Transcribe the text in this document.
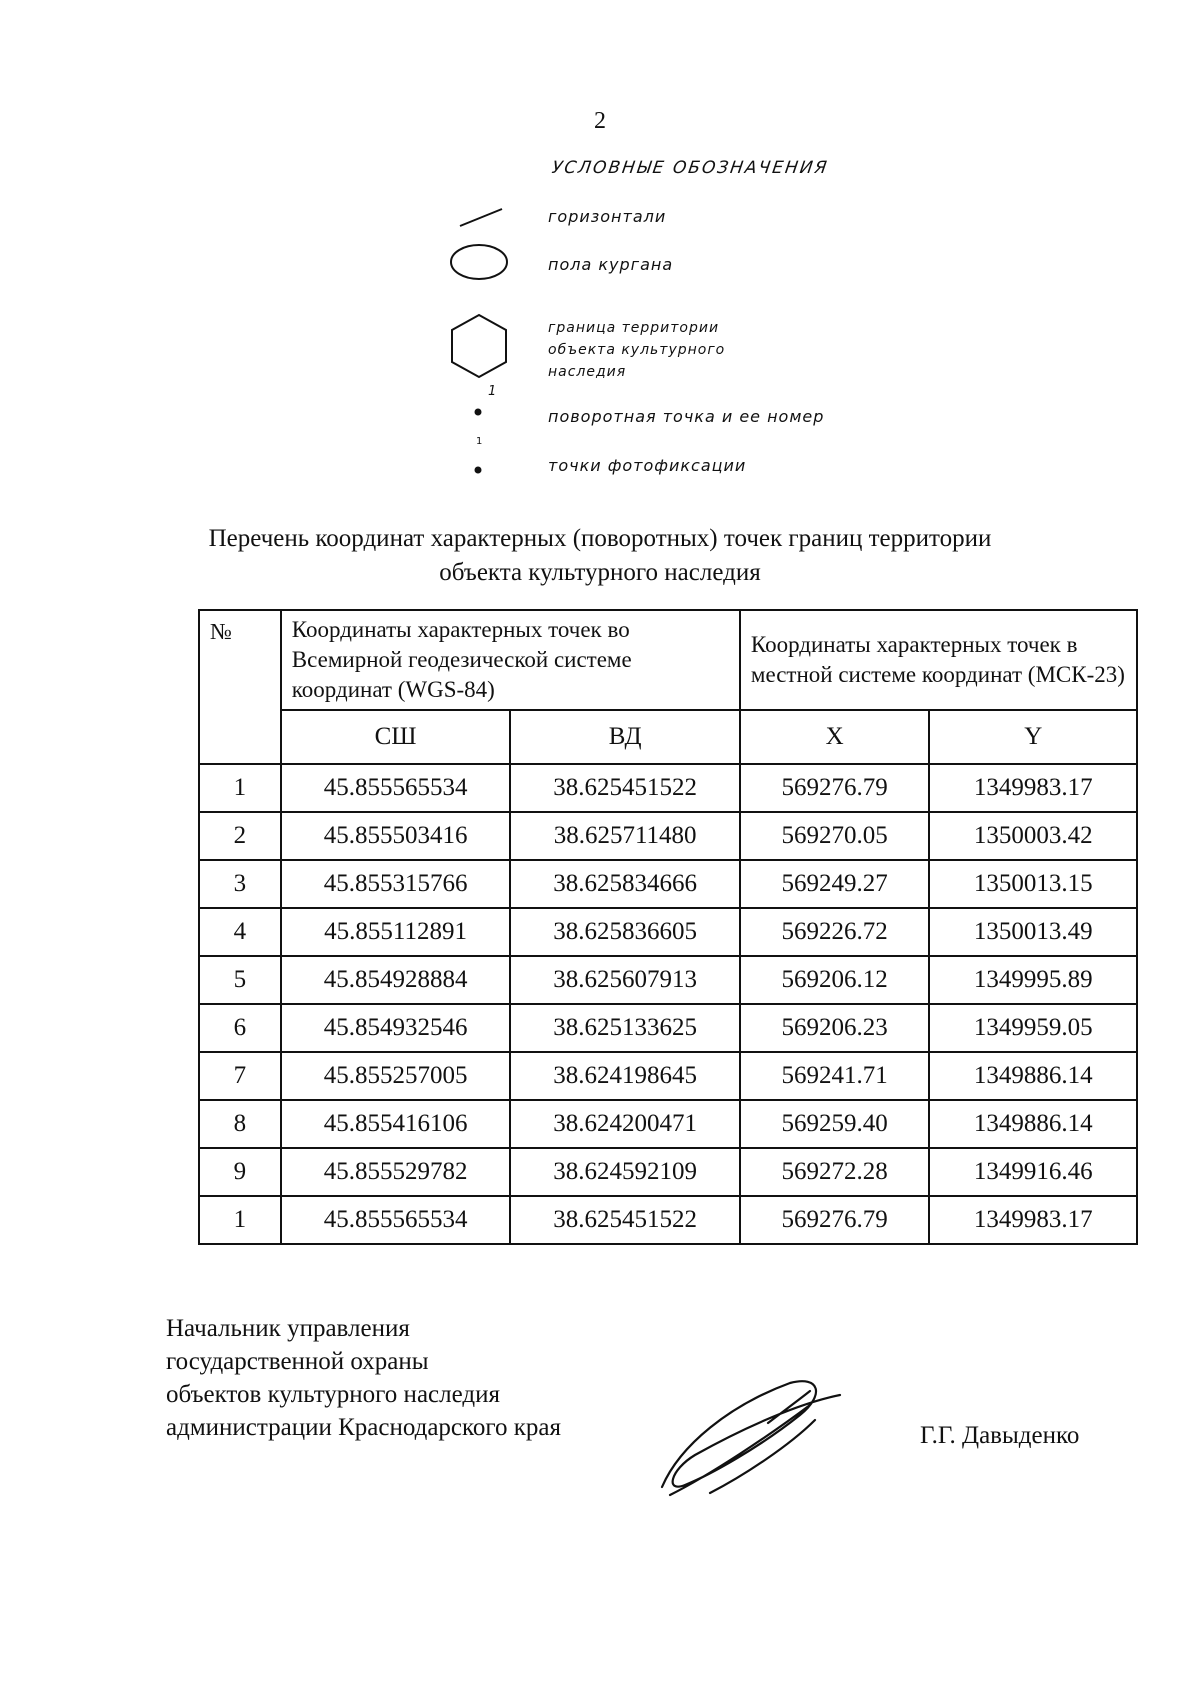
2
УСЛОВНЫЕ ОБОЗНАЧЕНИЯ
горизонтали
пола кургана
граница территории
объекта культурного
наследия
1
поворотная точка и ее номер
1
точки фотофиксации
Перечень координат характерных (поворотных) точек границ территории
объекта культурного наследия
№	Координаты характерных точек во Всемирной геодезической системе координат (WGS-84)		Координаты характерных точек в местной системе координат (МСК-23)	
	СШ	ВД	X	Y
1	45.855565534	38.625451522	569276.79	1349983.17
2	45.855503416	38.625711480	569270.05	1350003.42
3	45.855315766	38.625834666	569249.27	1350013.15
4	45.855112891	38.625836605	569226.72	1350013.49
5	45.854928884	38.625607913	569206.12	1349995.89
6	45.854932546	38.625133625	569206.23	1349959.05
7	45.855257005	38.624198645	569241.71	1349886.14
8	45.855416106	38.624200471	569259.40	1349886.14
9	45.855529782	38.624592109	569272.28	1349916.46
1	45.855565534	38.625451522	569276.79	1349983.17
Начальник управления
государственной охраны
объектов культурного наследия
администрации Краснодарского края	Г.Г. Давыденко
